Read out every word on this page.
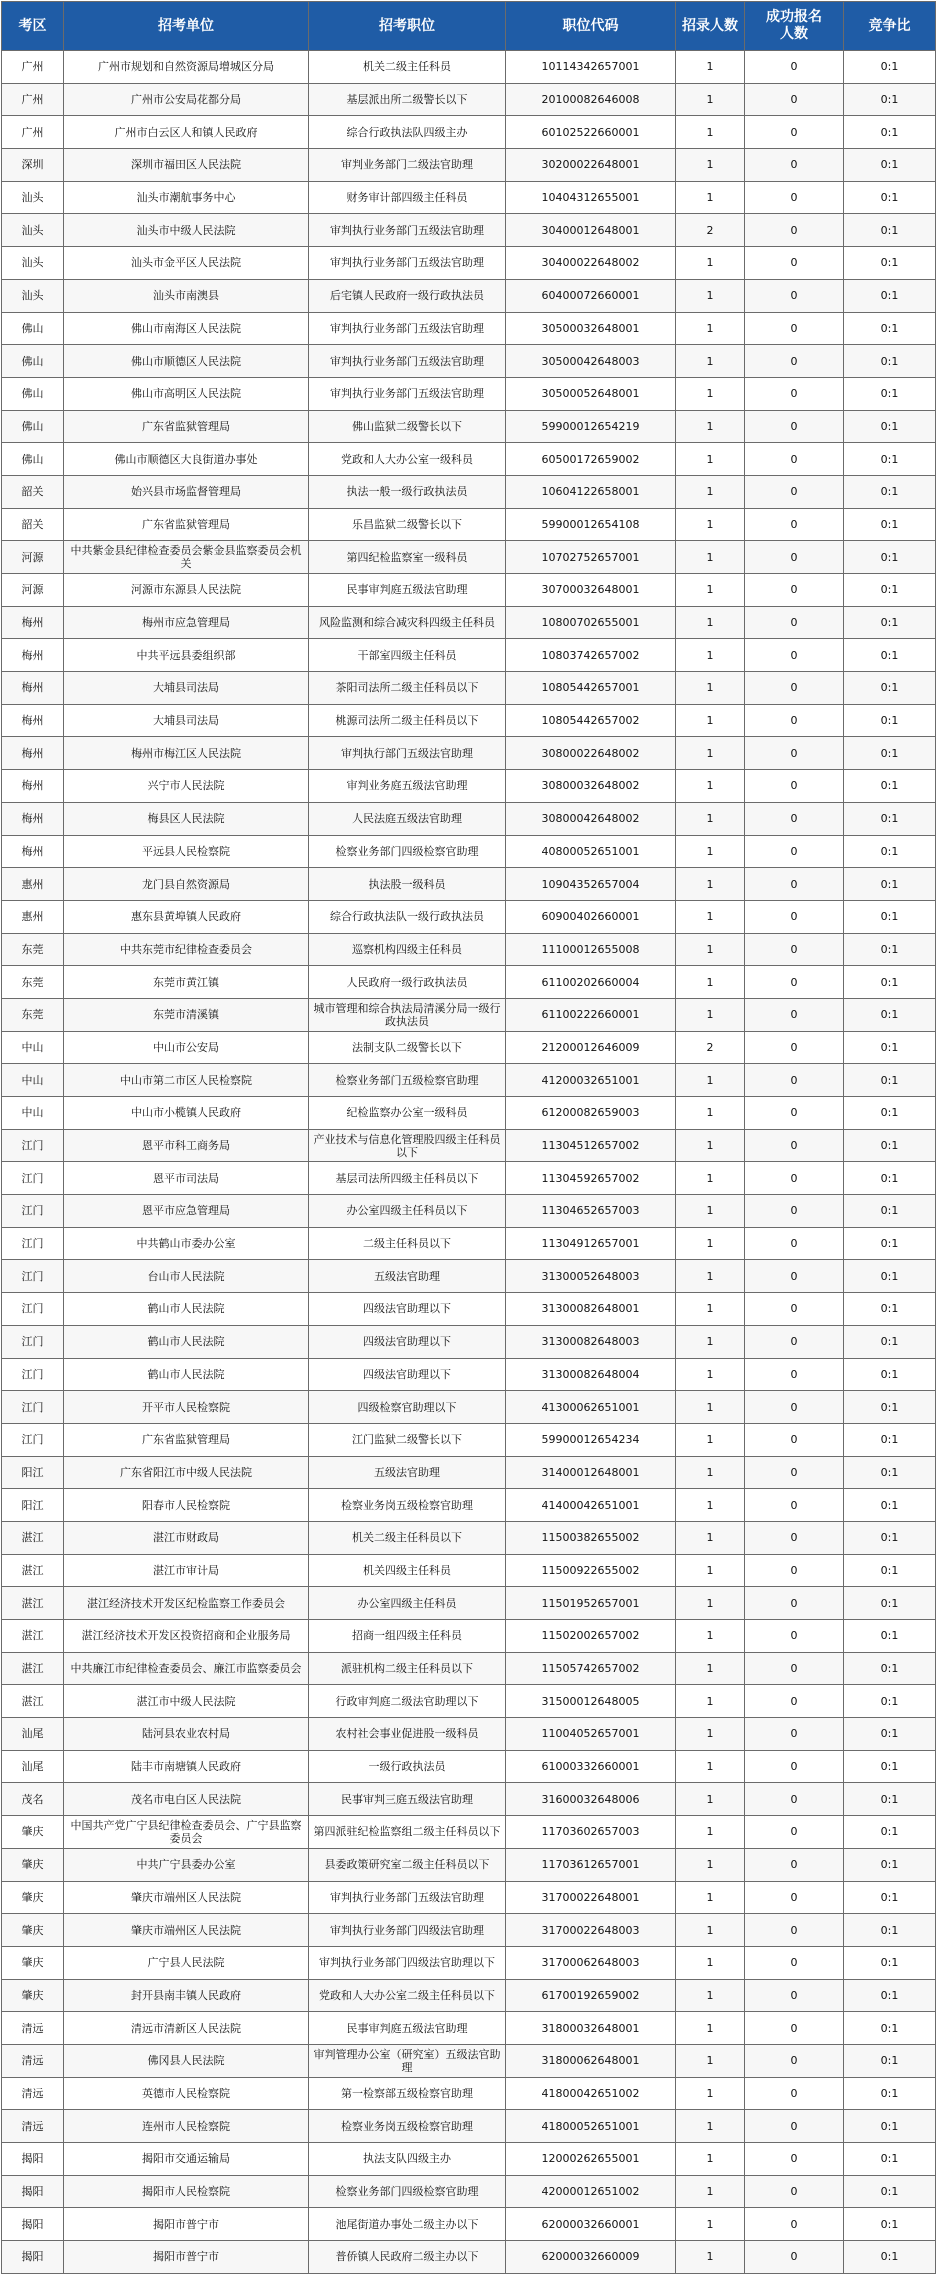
考区	招考单位	招考职位	职位代码	招录人数	成功报名人数	竞争比
广州	广州市规划和自然资源局增城区分局	机关二级主任科员	10114342657001	1	0	0:1
广州	广州市公安局花都分局	基层派出所二级警长以下	20100082646008	1	0	0:1
广州	广州市白云区人和镇人民政府	综合行政执法队四级主办	60102522660001	1	0	0:1
深圳	深圳市福田区人民法院	审判业务部门二级法官助理	30200022648001	1	0	0:1
汕头	汕头市潮航事务中心	财务审计部四级主任科员	10404312655001	1	0	0:1
汕头	汕头市中级人民法院	审判执行业务部门五级法官助理	30400012648001	2	0	0:1
汕头	汕头市金平区人民法院	审判执行业务部门五级法官助理	30400022648002	1	0	0:1
汕头	汕头市南澳县	后宅镇人民政府一级行政执法员	60400072660001	1	0	0:1
佛山	佛山市南海区人民法院	审判执行业务部门五级法官助理	30500032648001	1	0	0:1
佛山	佛山市顺德区人民法院	审判执行业务部门五级法官助理	30500042648003	1	0	0:1
佛山	佛山市高明区人民法院	审判执行业务部门五级法官助理	30500052648001	1	0	0:1
佛山	广东省监狱管理局	佛山监狱二级警长以下	59900012654219	1	0	0:1
佛山	佛山市顺德区大良街道办事处	党政和人大办公室一级科员	60500172659002	1	0	0:1
韶关	始兴县市场监督管理局	执法一般一级行政执法员	10604122658001	1	0	0:1
韶关	广东省监狱管理局	乐昌监狱二级警长以下	59900012654108	1	0	0:1
河源	中共紫金县纪律检查委员会紫金县监察委员会机关	第四纪检监察室一级科员	10702752657001	1	0	0:1
河源	河源市东源县人民法院	民事审判庭五级法官助理	30700032648001	1	0	0:1
梅州	梅州市应急管理局	风险监测和综合减灾科四级主任科员	10800702655001	1	0	0:1
梅州	中共平远县委组织部	干部室四级主任科员	10803742657002	1	0	0:1
梅州	大埔县司法局	茶阳司法所二级主任科员以下	10805442657001	1	0	0:1
梅州	大埔县司法局	桃源司法所二级主任科员以下	10805442657002	1	0	0:1
梅州	梅州市梅江区人民法院	审判执行部门五级法官助理	30800022648002	1	0	0:1
梅州	兴宁市人民法院	审判业务庭五级法官助理	30800032648002	1	0	0:1
梅州	梅县区人民法院	人民法庭五级法官助理	30800042648002	1	0	0:1
梅州	平远县人民检察院	检察业务部门四级检察官助理	40800052651001	1	0	0:1
惠州	龙门县自然资源局	执法股一级科员	10904352657004	1	0	0:1
惠州	惠东县黄埠镇人民政府	综合行政执法队一级行政执法员	60900402660001	1	0	0:1
东莞	中共东莞市纪律检查委员会	巡察机构四级主任科员	11100012655008	1	0	0:1
东莞	东莞市黄江镇	人民政府一级行政执法员	61100202660004	1	0	0:1
东莞	东莞市清溪镇	城市管理和综合执法局清溪分局一级行政执法员	61100222660001	1	0	0:1
中山	中山市公安局	法制支队二级警长以下	21200012646009	2	0	0:1
中山	中山市第二市区人民检察院	检察业务部门五级检察官助理	41200032651001	1	0	0:1
中山	中山市小榄镇人民政府	纪检监察办公室一级科员	61200082659003	1	0	0:1
江门	恩平市科工商务局	产业技术与信息化管理股四级主任科员以下	11304512657002	1	0	0:1
江门	恩平市司法局	基层司法所四级主任科员以下	11304592657002	1	0	0:1
江门	恩平市应急管理局	办公室四级主任科员以下	11304652657003	1	0	0:1
江门	中共鹤山市委办公室	二级主任科员以下	11304912657001	1	0	0:1
江门	台山市人民法院	五级法官助理	31300052648003	1	0	0:1
江门	鹤山市人民法院	四级法官助理以下	31300082648001	1	0	0:1
江门	鹤山市人民法院	四级法官助理以下	31300082648003	1	0	0:1
江门	鹤山市人民法院	四级法官助理以下	31300082648004	1	0	0:1
江门	开平市人民检察院	四级检察官助理以下	41300062651001	1	0	0:1
江门	广东省监狱管理局	江门监狱二级警长以下	59900012654234	1	0	0:1
阳江	广东省阳江市中级人民法院	五级法官助理	31400012648001	1	0	0:1
阳江	阳春市人民检察院	检察业务岗五级检察官助理	41400042651001	1	0	0:1
湛江	湛江市财政局	机关二级主任科员以下	11500382655002	1	0	0:1
湛江	湛江市审计局	机关四级主任科员	11500922655002	1	0	0:1
湛江	湛江经济技术开发区纪检监察工作委员会	办公室四级主任科员	11501952657001	1	0	0:1
湛江	湛江经济技术开发区投资招商和企业服务局	招商一组四级主任科员	11502002657002	1	0	0:1
湛江	中共廉江市纪律检查委员会、廉江市监察委员会	派驻机构二级主任科员以下	11505742657002	1	0	0:1
湛江	湛江市中级人民法院	行政审判庭二级法官助理以下	31500012648005	1	0	0:1
汕尾	陆河县农业农村局	农村社会事业促进股一级科员	11004052657001	1	0	0:1
汕尾	陆丰市南塘镇人民政府	一级行政执法员	61000332660001	1	0	0:1
茂名	茂名市电白区人民法院	民事审判三庭五级法官助理	31600032648006	1	0	0:1
肇庆	中国共产党广宁县纪律检查委员会、广宁县监察委员会	第四派驻纪检监察组二级主任科员以下	11703602657003	1	0	0:1
肇庆	中共广宁县委办公室	县委政策研究室二级主任科员以下	11703612657001	1	0	0:1
肇庆	肇庆市端州区人民法院	审判执行业务部门五级法官助理	31700022648001	1	0	0:1
肇庆	肇庆市端州区人民法院	审判执行业务部门四级法官助理	31700022648003	1	0	0:1
肇庆	广宁县人民法院	审判执行业务部门四级法官助理以下	31700062648003	1	0	0:1
肇庆	封开县南丰镇人民政府	党政和人大办公室二级主任科员以下	61700192659002	1	0	0:1
清远	清远市清新区人民法院	民事审判庭五级法官助理	31800032648001	1	0	0:1
清远	佛冈县人民法院	审判管理办公室（研究室）五级法官助理	31800062648001	1	0	0:1
清远	英德市人民检察院	第一检察部五级检察官助理	41800042651002	1	0	0:1
清远	连州市人民检察院	检察业务岗五级检察官助理	41800052651001	1	0	0:1
揭阳	揭阳市交通运输局	执法支队四级主办	12000262655001	1	0	0:1
揭阳	揭阳市人民检察院	检察业务部门四级检察官助理	42000012651002	1	0	0:1
揭阳	揭阳市普宁市	池尾街道办事处二级主办以下	62000032660001	1	0	0:1
揭阳	揭阳市普宁市	普侨镇人民政府二级主办以下	62000032660009	1	0	0:1
